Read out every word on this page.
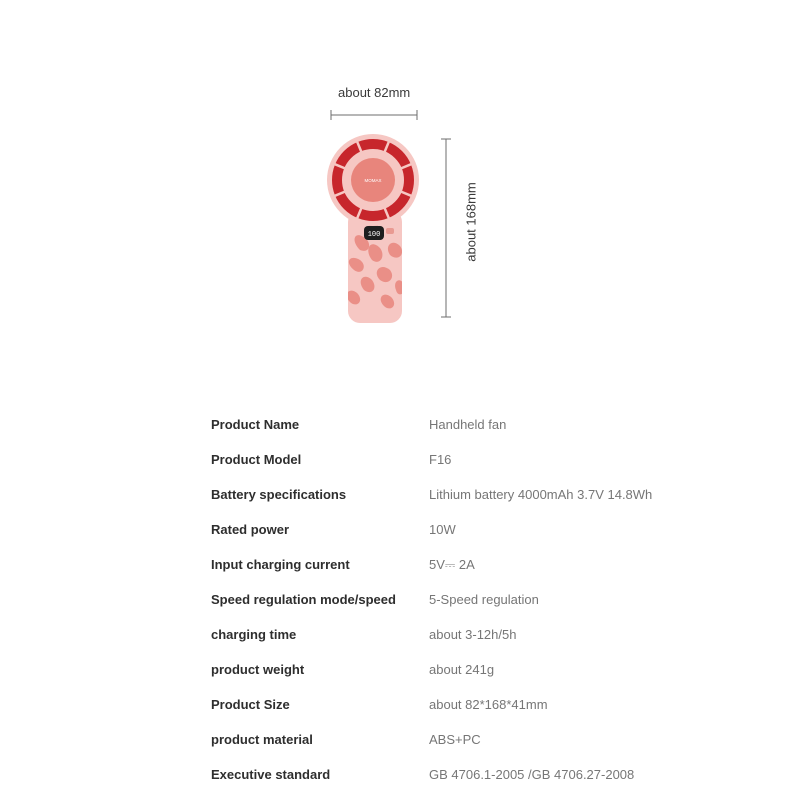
about 82mm
about 168mm
MOMAX
100
Product Name	Handheld fan
Product Model	F16
Battery specifications	Lithium battery 4000mAh 3.7V 14.8Wh
Rated power	10W
Input charging current	5V⎓ 2A
Speed regulation mode/speed	5-Speed regulation
charging time	about 3-12h/5h
product weight	about 241g
Product Size	about 82*168*41mm
product material	ABS+PC
Executive standard	GB 4706.1-2005 /GB 4706.27-2008
